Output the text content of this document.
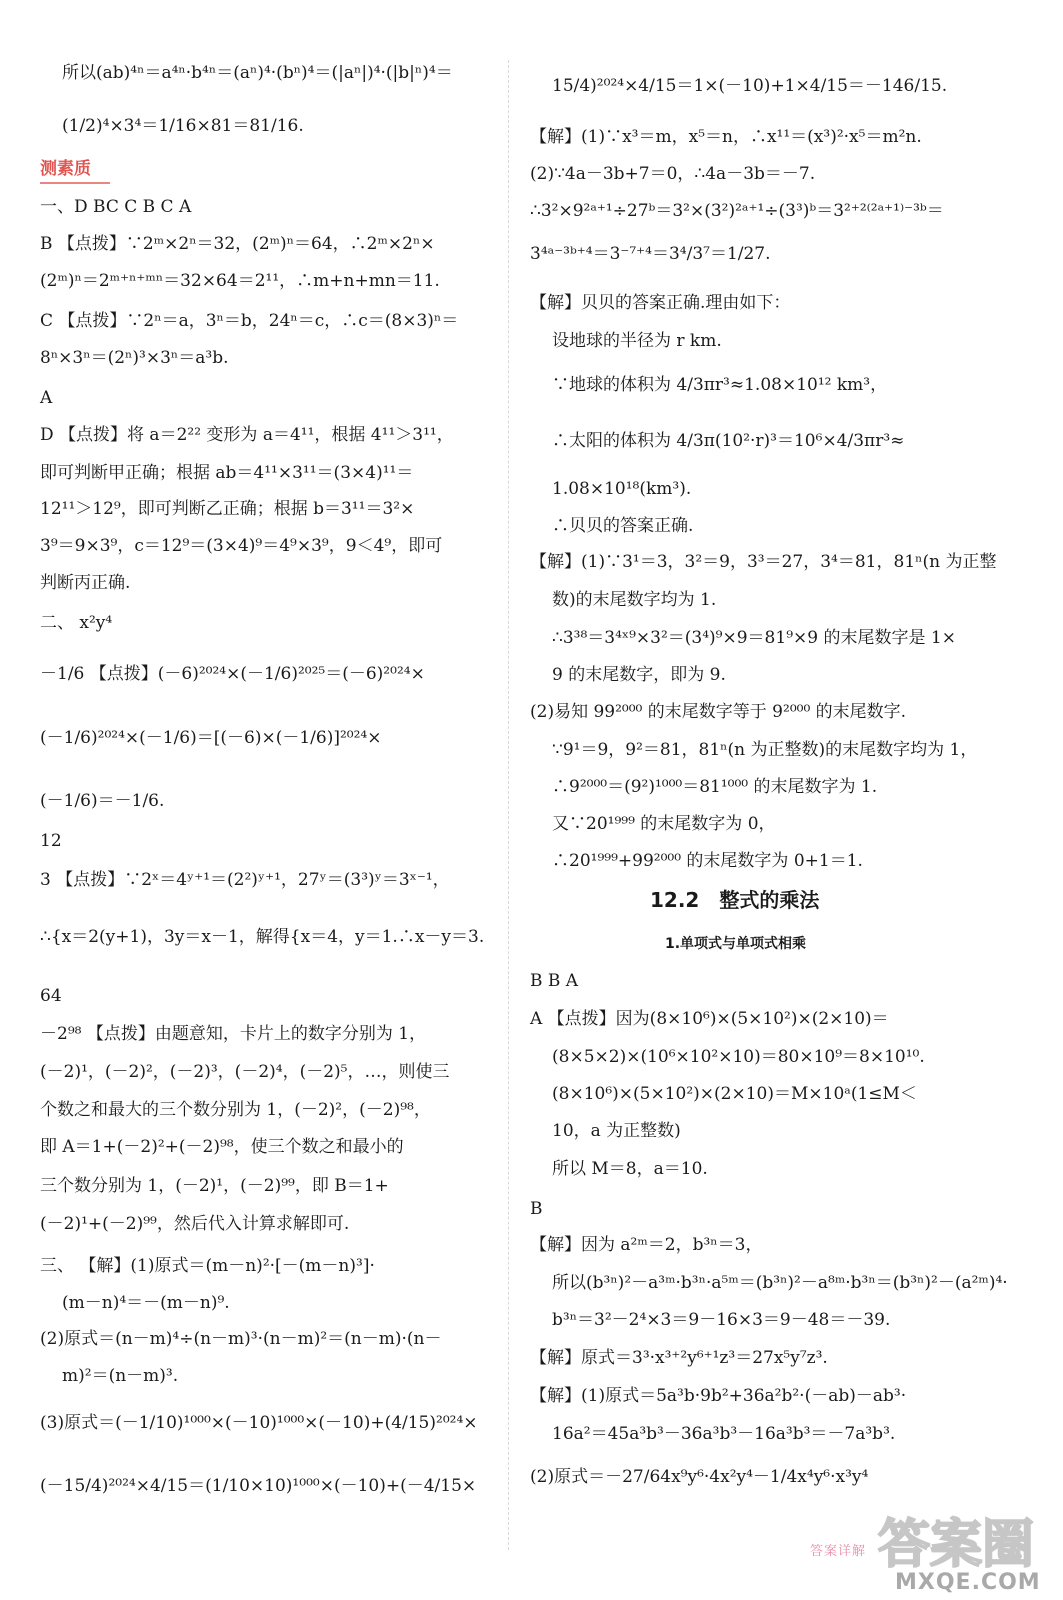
所以(ab)⁴ⁿ＝a⁴ⁿ·b⁴ⁿ＝(aⁿ)⁴·(bⁿ)⁴＝(|aⁿ|)⁴·(|b|ⁿ)⁴＝
(1/2)⁴×3⁴＝1/16×81＝81/16.
测素质
一、D BC C B C A
B 【点拨】∵2ᵐ×2ⁿ＝32，(2ᵐ)ⁿ＝64，∴2ᵐ×2ⁿ×
(2ᵐ)ⁿ＝2ᵐ⁺ⁿ⁺ᵐⁿ＝32×64＝2¹¹，∴m+n+mn＝11.
C 【点拨】∵2ⁿ＝a，3ⁿ＝b，24ⁿ＝c，∴c＝(8×3)ⁿ＝
8ⁿ×3ⁿ＝(2ⁿ)³×3ⁿ＝a³b.
A
D 【点拨】将 a＝2²² 变形为 a＝4¹¹，根据 4¹¹＞3¹¹，
即可判断甲正确；根据 ab＝4¹¹×3¹¹＝(3×4)¹¹＝
12¹¹＞12⁹，即可判断乙正确；根据 b＝3¹¹＝3²×
3⁹＝9×3⁹，c＝12⁹＝(3×4)⁹＝4⁹×3⁹，9＜4⁹，即可
判断丙正确.
二、 x²y⁴
－1/6 【点拨】(－6)²⁰²⁴×(－1/6)²⁰²⁵＝(－6)²⁰²⁴×
(－1/6)²⁰²⁴×(－1/6)＝[(－6)×(－1/6)]²⁰²⁴×
(－1/6)＝－1/6.
12
3 【点拨】∵2ˣ＝4ʸ⁺¹＝(2²)ʸ⁺¹，27ʸ＝(3³)ʸ＝3ˣ⁻¹，
∴{x＝2(y+1)，3y＝x－1，解得{x＝4，y＝1.∴x－y＝3.
64
－2⁹⁸ 【点拨】由题意知，卡片上的数字分别为 1，
(－2)¹，(－2)²，(－2)³，(－2)⁴，(－2)⁵，…，则使三
个数之和最大的三个数分别为 1，(－2)²，(－2)⁹⁸，
即 A＝1+(－2)²+(－2)⁹⁸，使三个数之和最小的
三个数分别为 1，(－2)¹，(－2)⁹⁹，即 B＝1+
(－2)¹+(－2)⁹⁹，然后代入计算求解即可.
三、 【解】(1)原式＝(m－n)²·[－(m－n)³]·
(m－n)⁴＝－(m－n)⁹.
(2)原式＝(n－m)⁴÷(n－m)³·(n－m)²＝(n－m)·(n－
m)²＝(n－m)³.
(3)原式＝(－1/10)¹⁰⁰⁰×(－10)¹⁰⁰⁰×(－10)+(4/15)²⁰²⁴×
(－15/4)²⁰²⁴×4/15＝(1/10×10)¹⁰⁰⁰×(－10)+(－4/15×
15/4)²⁰²⁴×4/15＝1×(－10)+1×4/15＝－146/15.
【解】(1)∵x³＝m，x⁵＝n，∴x¹¹＝(x³)²·x⁵＝m²n.
(2)∵4a－3b+7＝0，∴4a－3b＝－7.
∴3²×9²ᵃ⁺¹÷27ᵇ＝3²×(3²)²ᵃ⁺¹÷(3³)ᵇ＝3²⁺²⁽²ᵃ⁺¹⁾⁻³ᵇ＝
3⁴ᵃ⁻³ᵇ⁺⁴＝3⁻⁷⁺⁴＝3⁴/3⁷＝1/27.
【解】贝贝的答案正确.理由如下：
设地球的半径为 r km.
∵地球的体积为 4/3πr³≈1.08×10¹² km³，
∴太阳的体积为 4/3π(10²·r)³＝10⁶×4/3πr³≈
1.08×10¹⁸(km³).
∴贝贝的答案正确.
【解】(1)∵3¹＝3，3²＝9，3³＝27，3⁴＝81，81ⁿ(n 为正整
数)的末尾数字均为 1.
∴3³⁸＝3⁴ˣ⁹×3²＝(3⁴)⁹×9＝81⁹×9 的末尾数字是 1×
9 的末尾数字，即为 9.
(2)易知 99²⁰⁰⁰ 的末尾数字等于 9²⁰⁰⁰ 的末尾数字.
∵9¹＝9，9²＝81，81ⁿ(n 为正整数)的末尾数字均为 1，
∴9²⁰⁰⁰＝(9²)¹⁰⁰⁰＝81¹⁰⁰⁰ 的末尾数字为 1.
又∵20¹⁹⁹⁹ 的末尾数字为 0，
∴20¹⁹⁹⁹+99²⁰⁰⁰ 的末尾数字为 0+1＝1.
12.2　整式的乘法
1.单项式与单项式相乘
B B A
A 【点拨】因为(8×10⁶)×(5×10²)×(2×10)＝
(8×5×2)×(10⁶×10²×10)＝80×10⁹＝8×10¹⁰.
(8×10⁶)×(5×10²)×(2×10)＝M×10ᵃ(1≤M＜
10，a 为正整数)
所以 M＝8，a＝10.
B
【解】因为 a²ᵐ＝2，b³ⁿ＝3，
所以(b³ⁿ)²－a³ᵐ·b³ⁿ·a⁵ᵐ＝(b³ⁿ)²－a⁸ᵐ·b³ⁿ＝(b³ⁿ)²－(a²ᵐ)⁴·
b³ⁿ＝3²－2⁴×3＝9－16×3＝9－48＝－39.
【解】原式＝3³·x³⁺²y⁶⁺¹z³＝27x⁵y⁷z³.
【解】(1)原式＝5a³b·9b²+36a²b²·(－ab)－ab³·
16a²＝45a³b³－36a³b³－16a³b³＝－7a³b³.
(2)原式＝－27/64x⁹y⁶·4x²y⁴－1/4x⁴y⁶·x³y⁴
答案详解 答案圈
MXQE.COM
